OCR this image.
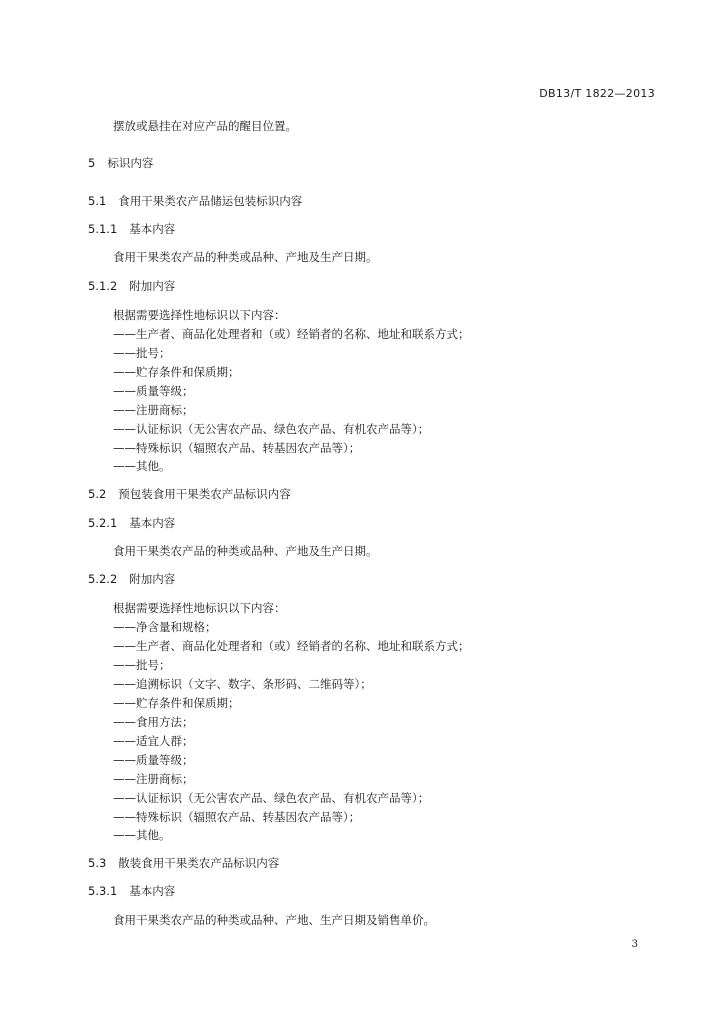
DB13/T 1822—2013
摆放或悬挂在对应产品的醒目位置。
5 标识内容
5.1 食用干果类农产品储运包装标识内容
5.1.1 基本内容
食用干果类农产品的种类或品种、产地及生产日期。
5.1.2 附加内容
根据需要选择性地标识以下内容：
——生产者、商品化处理者和（或）经销者的名称、地址和联系方式；
——批号；
——贮存条件和保质期；
——质量等级；
——注册商标；
——认证标识（无公害农产品、绿色农产品、有机农产品等）；
——特殊标识（辐照农产品、转基因农产品等）；
——其他。
5.2 预包装食用干果类农产品标识内容
5.2.1 基本内容
食用干果类农产品的种类或品种、产地及生产日期。
5.2.2 附加内容
根据需要选择性地标识以下内容：
——净含量和规格；
——生产者、商品化处理者和（或）经销者的名称、地址和联系方式；
——批号；
——追溯标识（文字、数字、条形码、二维码等）；
——贮存条件和保质期；
——食用方法；
——适宜人群；
——质量等级；
——注册商标；
——认证标识（无公害农产品、绿色农产品、有机农产品等）；
——特殊标识（辐照农产品、转基因农产品等）；
——其他。
5.3 散装食用干果类农产品标识内容
5.3.1 基本内容
食用干果类农产品的种类或品种、产地、生产日期及销售单价。
3
